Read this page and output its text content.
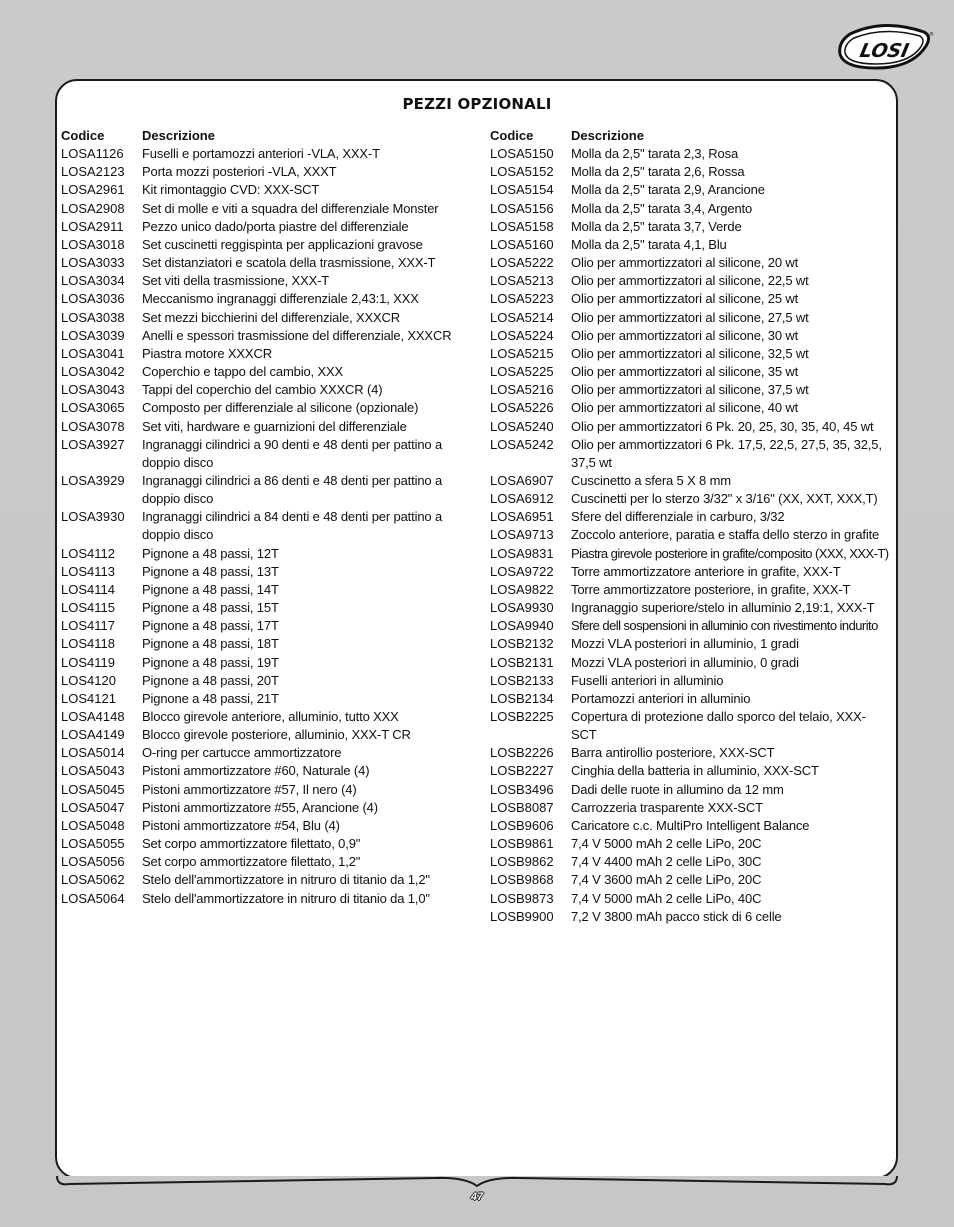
LOSI
®
PEZZI OPZIONALI
Codice	Descrizione
LOSA1126	Fuselli e portamozzi anteriori -VLA, XXX-T
LOSA2123	Porta mozzi posteriori -VLA, XXXT
LOSA2961	Kit rimontaggio CVD: XXX-SCT
LOSA2908	Set di molle e viti a squadra del differenziale Monster
LOSA2911	Pezzo unico dado/porta piastre del differenziale
LOSA3018	Set cuscinetti reggispinta per applicazioni gravose
LOSA3033	Set distanziatori e scatola della trasmissione, XXX-T
LOSA3034	Set viti della trasmissione, XXX-T
LOSA3036	Meccanismo ingranaggi differenziale 2,43:1, XXX
LOSA3038	Set mezzi bicchierini del differenziale, XXXCR
LOSA3039	Anelli e spessori trasmissione del differenziale, XXXCR
LOSA3041	Piastra motore XXXCR
LOSA3042	Coperchio e tappo del cambio, XXX
LOSA3043	Tappi del coperchio del cambio XXXCR (4)
LOSA3065	Composto per differenziale al silicone (opzionale)
LOSA3078	Set viti, hardware e guarnizioni del differenziale
LOSA3927	Ingranaggi cilindrici a 90 denti e 48 denti per pattino a doppio disco
LOSA3929	Ingranaggi cilindrici a 86 denti e 48 denti per pattino a doppio disco
LOSA3930	Ingranaggi cilindrici a 84 denti e 48 denti per pattino a doppio disco
LOS4112	Pignone a 48 passi, 12T
LOS4113	Pignone a 48 passi, 13T
LOS4114	Pignone a 48 passi, 14T
LOS4115	Pignone a 48 passi, 15T
LOS4117	Pignone a 48 passi, 17T
LOS4118	Pignone a 48 passi, 18T
LOS4119	Pignone a 48 passi, 19T
LOS4120	Pignone a 48 passi, 20T
LOS4121	Pignone a 48 passi, 21T
LOSA4148	Blocco girevole anteriore, alluminio, tutto XXX
LOSA4149	Blocco girevole posteriore, alluminio, XXX-T CR
LOSA5014	O-ring per cartucce ammortizzatore
LOSA5043	Pistoni ammortizzatore #60, Naturale (4)
LOSA5045	Pistoni ammortizzatore #57, Il nero (4)
LOSA5047	Pistoni ammortizzatore #55, Arancione (4)
LOSA5048	Pistoni ammortizzatore #54, Blu (4)
LOSA5055	Set corpo ammortizzatore filettato, 0,9"
LOSA5056	Set corpo ammortizzatore filettato, 1,2"
LOSA5062	Stelo dell'ammortizzatore in nitruro di titanio da 1,2"
LOSA5064	Stelo dell'ammortizzatore in nitruro di titanio da 1,0"
Codice	Descrizione
LOSA5150	Molla da 2,5" tarata 2,3, Rosa
LOSA5152	Molla da 2,5" tarata 2,6, Rossa
LOSA5154	Molla da 2,5" tarata 2,9, Arancione
LOSA5156	Molla da 2,5" tarata 3,4, Argento
LOSA5158	Molla da 2,5" tarata 3,7, Verde
LOSA5160	Molla da 2,5" tarata 4,1, Blu
LOSA5222	Olio per ammortizzatori al silicone, 20 wt
LOSA5213	Olio per ammortizzatori al silicone, 22,5 wt
LOSA5223	Olio per ammortizzatori al silicone, 25 wt
LOSA5214	Olio per ammortizzatori al silicone, 27,5 wt
LOSA5224	Olio per ammortizzatori al silicone, 30 wt
LOSA5215	Olio per ammortizzatori al silicone, 32,5 wt
LOSA5225	Olio per ammortizzatori al silicone, 35 wt
LOSA5216	Olio per ammortizzatori al silicone, 37,5 wt
LOSA5226	Olio per ammortizzatori al silicone, 40 wt
LOSA5240	Olio per ammortizzatori 6 Pk. 20, 25, 30, 35, 40, 45 wt
LOSA5242	Olio per ammortizzatori 6 Pk. 17,5, 22,5, 27,5, 35, 32,5, 37,5 wt
LOSA6907	Cuscinetto a sfera 5 X 8 mm
LOSA6912	Cuscinetti per lo sterzo 3/32" x 3/16" (XX, XXT, XXX,T)
LOSA6951	Sfere del differenziale in carburo, 3/32
LOSA9713	Zoccolo anteriore, paratia e staffa dello sterzo in grafite
LOSA9831	Piastra girevole posteriore in grafite/composito (XXX, XXX-T)
LOSA9722	Torre ammortizzatore anteriore in grafite, XXX-T
LOSA9822	Torre ammortizzatore posteriore, in grafite, XXX-T
LOSA9930	Ingranaggio superiore/stelo in alluminio 2,19:1, XXX-T
LOSA9940	Sfere dell sospensioni in alluminio con rivestimento indurito
LOSB2132	Mozzi VLA posteriori in alluminio, 1 gradi
LOSB2131	Mozzi VLA posteriori in alluminio, 0 gradi
LOSB2133	Fuselli anteriori in alluminio
LOSB2134	Portamozzi anteriori in alluminio
LOSB2225	Copertura di protezione dallo sporco del telaio, XXX-SCT
LOSB2226	Barra antirollio posteriore, XXX-SCT
LOSB2227	Cinghia della batteria in alluminio, XXX-SCT
LOSB3496	Dadi delle ruote in allumino da 12 mm
LOSB8087	Carrozzeria trasparente XXX-SCT
LOSB9606	Caricatore c.c. MultiPro Intelligent Balance
LOSB9861	7,4 V 5000 mAh 2 celle LiPo, 20C
LOSB9862	7,4 V 4400 mAh 2 celle LiPo, 30C
LOSB9868	7,4 V 3600 mAh 2 celle LiPo, 20C
LOSB9873	7,4 V 5000 mAh 2 celle LiPo, 40C
LOSB9900	7,2 V 3800 mAh pacco stick di 6 celle
47
